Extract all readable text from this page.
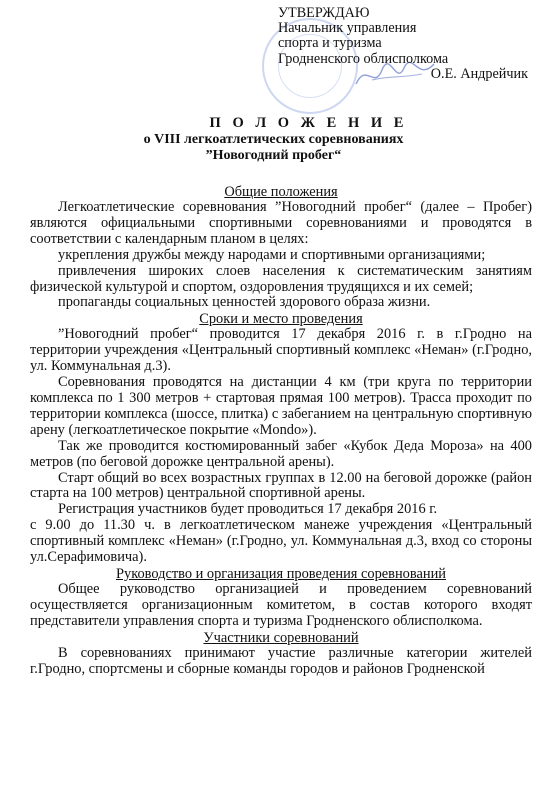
УТВЕРЖДАЮ
Начальник управления
спорта и туризма
Гродненского облисполкома
О.Е. Андрейчик
П О Л О Ж Е Н И Е
о VIII легкоатлетических соревнованиях
”Новогодний пробег“
Общие положения

Легкоатлетические соревнования ”Новогодний пробег“ (далее – Пробег) являются официальными спортивными соревнованиями и проводятся в соответствии с календарным планом в целях:

укрепления дружбы между народами и спортивными организациями;

привлечения широких слоев населения к систематическим занятиям физической культурой и спортом, оздоровления трудящихся и их семей;

пропаганды социальных ценностей здорового образа жизни.

Сроки и место проведения

”Новогодний пробег“ проводится 17 декабря 2016 г. в г.Гродно на территории учреждения «Центральный спортивный комплекс «Неман» (г.Гродно, ул. Коммунальная д.3).

Соревнования проводятся на дистанции 4 км (три круга по территории комплекса по 1 300 метров + стартовая прямая 100 метров). Трасса проходит по территории комплекса (шоссе, плитка) с забеганием на центральную спортивную арену (легкоатлетическое покрытие «Mondo»).

Так же проводится костюмированный забег «Кубок Деда Мороза» на 400 метров (по беговой дорожке центральной арены).

Старт общий во всех возрастных группах в 12.00 на беговой дорожке (район старта на 100 метров) центральной спортивной арены.

Регистрация участников будет проводиться 17 декабря 2016 г.

с 9.00 до 11.30 ч. в легкоатлетическом манеже учреждения «Центральный спортивный комплекс «Неман» (г.Гродно, ул. Коммунальная д.3, вход со стороны ул.Серафимовича).

Руководство и организация проведения соревнований

Общее руководство организацией и проведением соревнований осуществляется организационным комитетом, в состав которого входят представители управления спорта и туризма Гродненского облисполкома.

Участники соревнований

В соревнованиях принимают участие различные категории жителей г.Гродно, спортсмены и сборные команды городов и районов Гродненской
